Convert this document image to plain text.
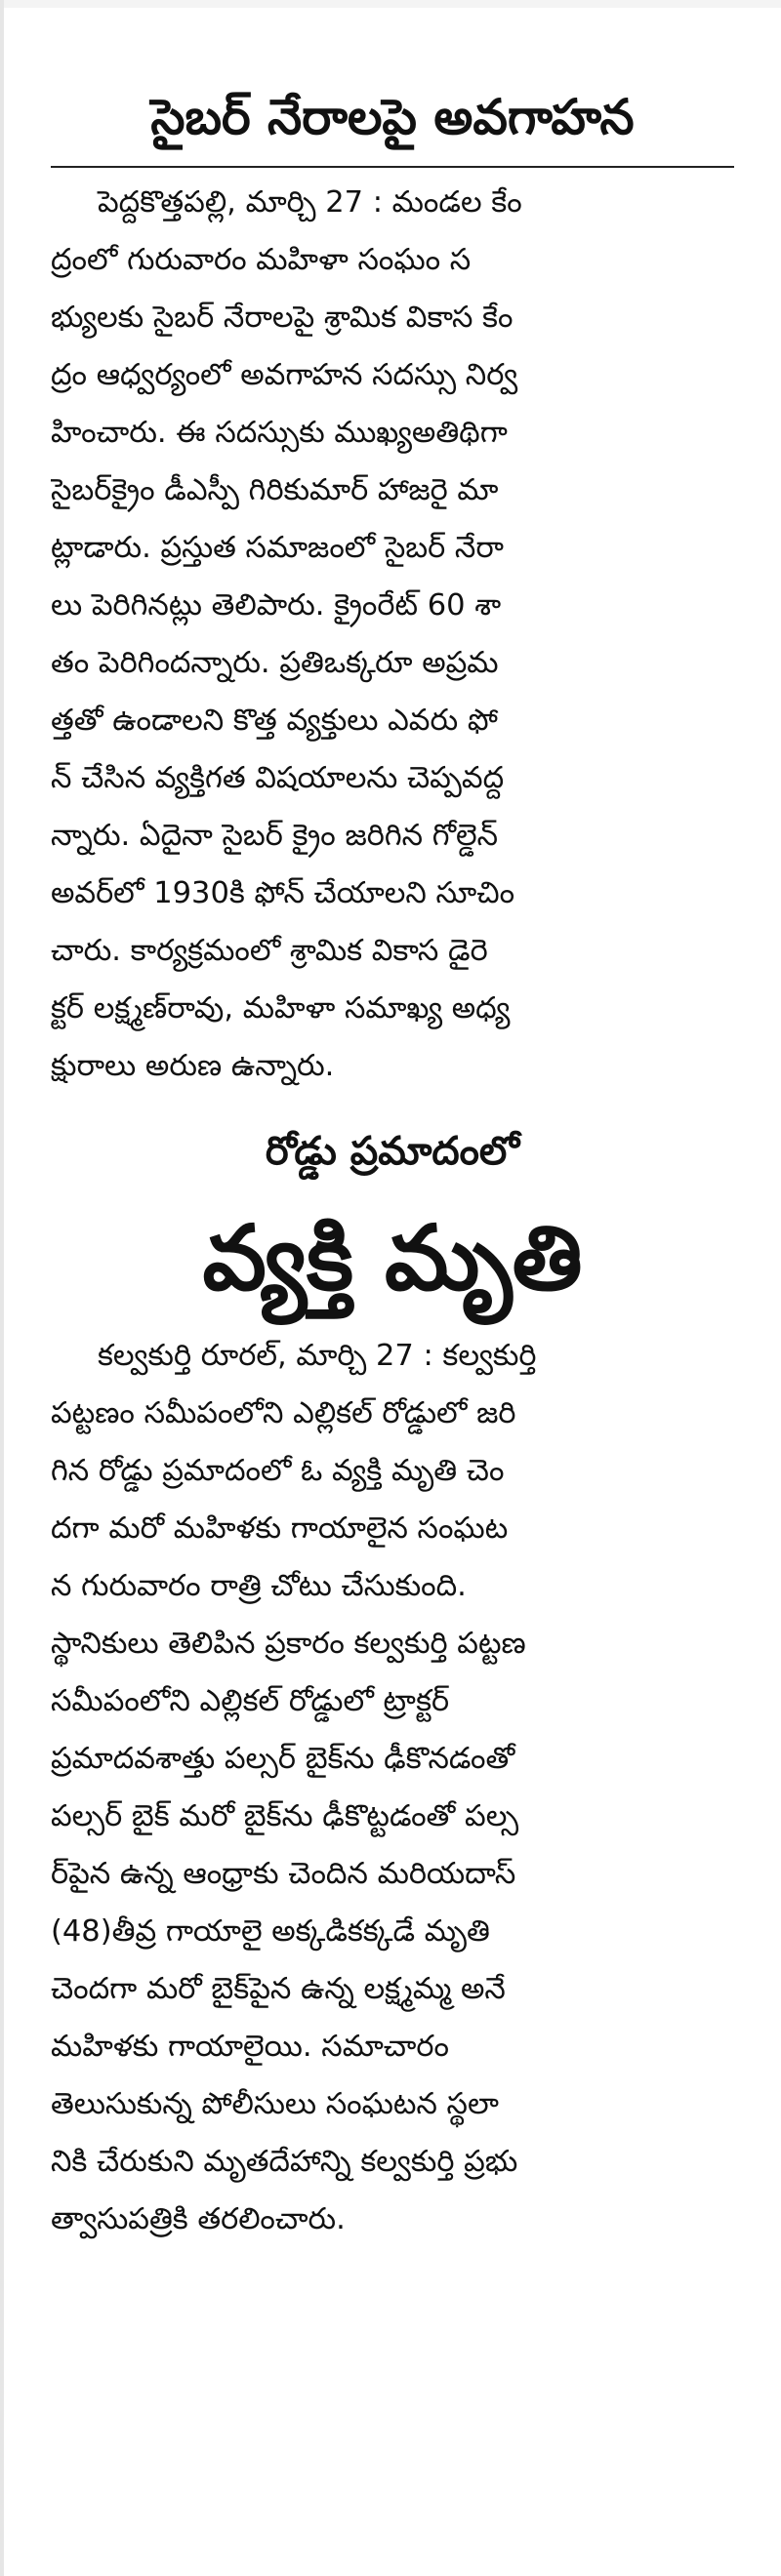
సైబర్ నేరాలపై అవగాహన
పెద్దకొత్తపల్లి, మార్చి 27 : మండల కేం
ద్రంలో గురువారం మహిళా సంఘం స
భ్యులకు సైబర్ నేరాలపై శ్రామిక వికాస కేం
ద్రం ఆధ్వర్యంలో అవగాహన సదస్సు నిర్వ
హించారు. ఈ సదస్సుకు ముఖ్యఅతిథిగా
సైబర్‌క్రైం డీఎస్పీ గిరికుమార్ హాజరై మా
ట్లాడారు. ప్రస్తుత సమాజంలో సైబర్ నేరా
లు పెరిగినట్లు తెలిపారు. క్రైంరేట్ 60 శా
తం పెరిగిందన్నారు. ప్రతిఒక్కరూ అప్రమ
త్తతో ఉండాలని కొత్త వ్యక్తులు ఎవరు ఫో
న్ చేసిన వ్యక్తిగత విషయాలను చెప్పవద్ద
న్నారు. ఏదైనా సైబర్ క్రైం జరిగిన గోల్డెన్
అవర్‌లో 1930కి ఫోన్ చేయాలని సూచిం
చారు. కార్యక్రమంలో శ్రామిక వికాస డైరె
క్టర్ లక్ష్మణ్‌రావు, మహిళా సమాఖ్య అధ్య
క్షురాలు అరుణ ఉన్నారు.
రోడ్డు ప్రమాదంలో
వ్యక్తి మృతి
కల్వకుర్తి రూరల్, మార్చి 27 : కల్వకుర్తి
పట్టణం సమీపంలోని ఎల్లికల్ రోడ్డులో జరి
గిన రోడ్డు ప్రమాదంలో ఓ వ్యక్తి మృతి చెం
దగా మరో మహిళకు గాయాలైన సంఘట
న గురువారం రాత్రి చోటు చేసుకుంది.
స్థానికులు తెలిపిన ప్రకారం కల్వకుర్తి పట్టణ
సమీపంలోని ఎల్లికల్ రోడ్డులో ట్రాక్టర్
ప్రమాదవశాత్తు పల్సర్ బైక్‌ను ఢీకొనడంతో
పల్సర్ బైక్ మరో బైక్‌ను ఢీకొట్టడంతో పల్స
ర్‌పైన ఉన్న ఆంధ్రాకు చెందిన మరియదాస్
(48)తీవ్ర గాయాలై అక్కడికక్కడే మృతి
చెందగా మరో బైక్‌పైన ఉన్న లక్ష్మమ్మ అనే
మహిళకు గాయాలైయి. సమాచారం
తెలుసుకున్న పోలీసులు సంఘటన స్థలా
నికి చేరుకుని మృతదేహాన్ని కల్వకుర్తి ప్రభు
త్వాసుపత్రికి తరలించారు.
